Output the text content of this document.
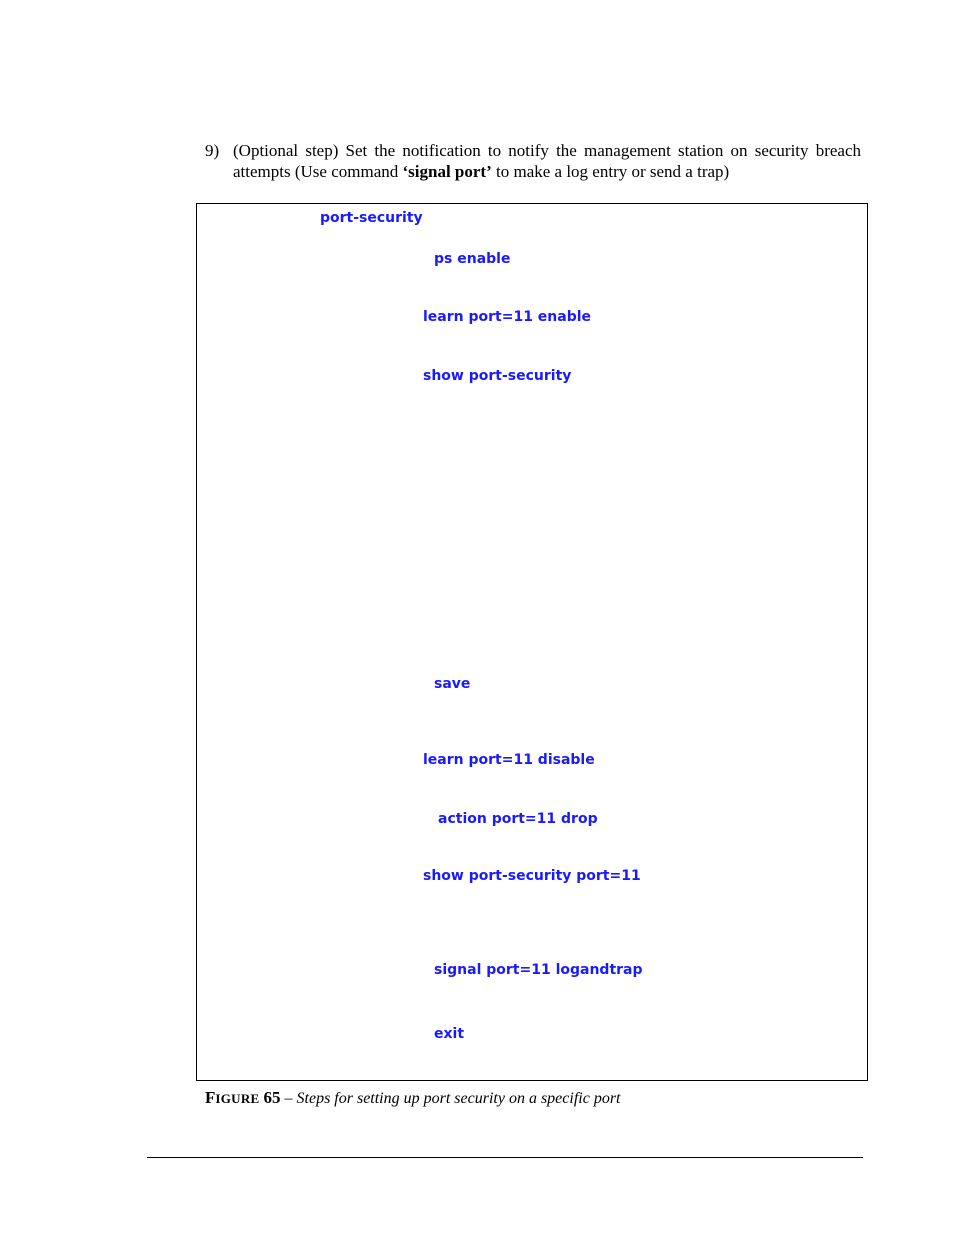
9) (Optional step) Set the notification to notify the management station on security breach attempts (Use command ‘signal port’ to make a log entry or send a trap)
port-security
ps enable
learn port=11 enable
show port-security
save
learn port=11 disable
action port=11 drop
show port-security port=11
signal port=11 logandtrap
exit
FIGURE 65 – Steps for setting up port security on a specific port
